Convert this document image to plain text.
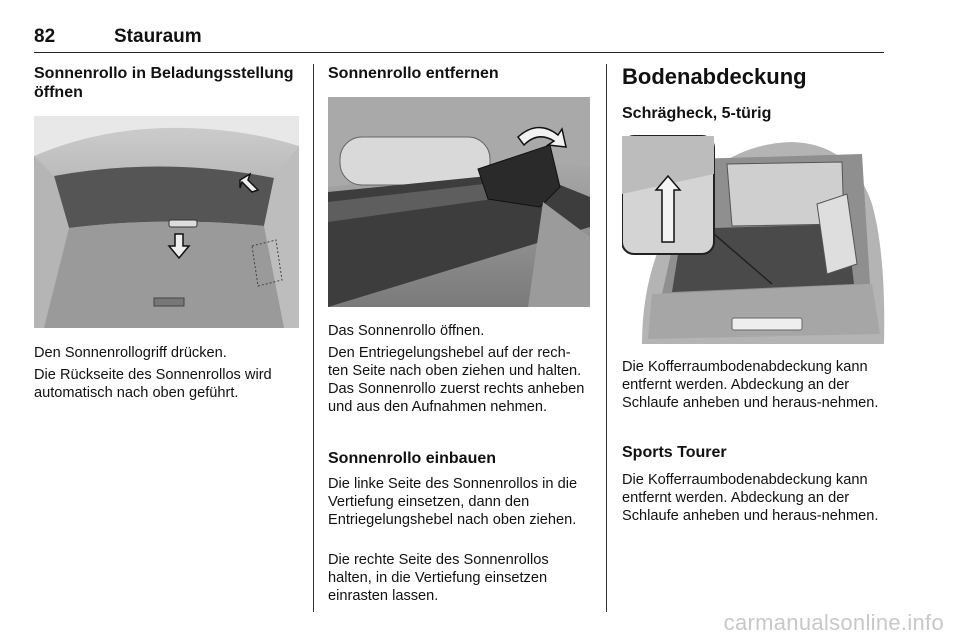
82	Stauraum
Sonnenrollo in Beladungsstellung öffnen

Den Sonnenrollogriff drücken.

Die Rückseite des Sonnenrollos wird automatisch nach oben geführt.

Sonnenrollo entfernen

Das Sonnenrollo öffnen.

Den Entriegelungshebel auf der rech-ten Seite nach oben ziehen und halten. Das Sonnenrollo zuerst rechts anheben und aus den Aufnahmen nehmen.

Sonnenrollo einbauen

Die linke Seite des Sonnenrollos in die Vertiefung einsetzen, dann den Entriegelungshebel nach oben ziehen.

Die rechte Seite des Sonnenrollos halten, in die Vertiefung einsetzen einrasten lassen.

Bodenabdeckung
Schrägheck, 5-türig

Die Kofferraumbodenabdeckung kann entfernt werden. Abdeckung an der Schlaufe anheben und heraus-nehmen.

Sports Tourer

Die Kofferraumbodenabdeckung kann entfernt werden. Abdeckung an der Schlaufe anheben und heraus-nehmen.

carmanualsonline.info
